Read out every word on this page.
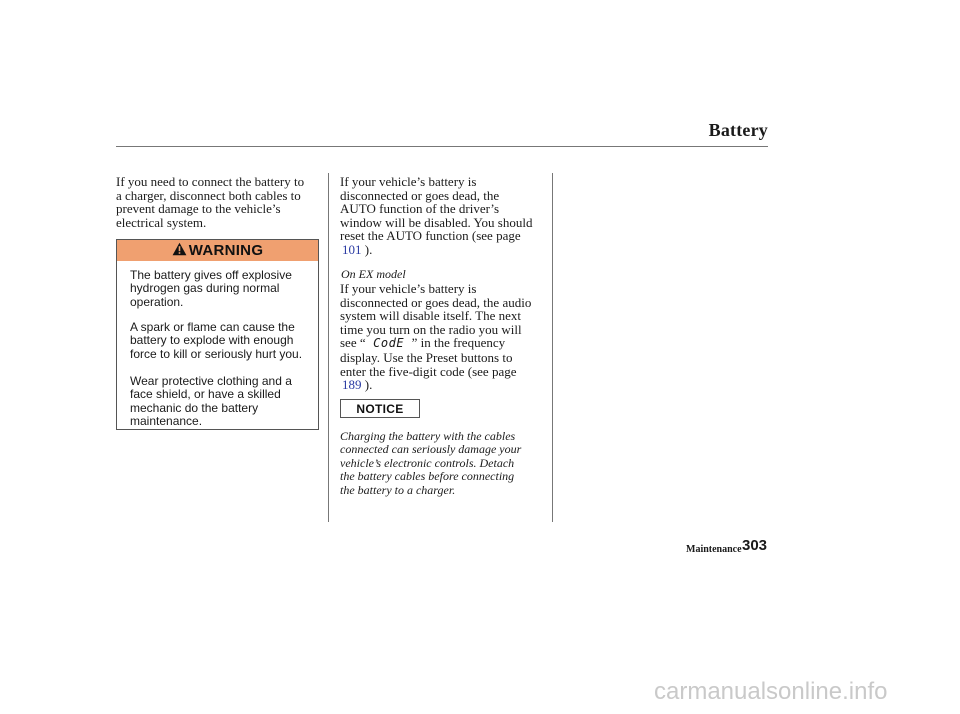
Battery
If you need to connect the battery to
a charger, disconnect both cables to
prevent damage to the vehicle’s
electrical system.
WARNING
The battery gives off explosive
hydrogen gas during normal
operation.
A spark or flame can cause the
battery to explode with enough
force to kill or seriously hurt you.
Wear protective clothing and a
face shield, or have a skilled
mechanic do the battery
maintenance.
If your vehicle’s battery is
disconnected or goes dead, the
AUTO function of the driver’s
window will be disabled. You should
reset the AUTO function (see page
101 ).
On EX model
If your vehicle’s battery is
disconnected or goes dead, the audio
system will disable itself. The next
time you turn on the radio you will
see “ CodE ” in the frequency
display. Use the Preset buttons to
enter the five-digit code (see page
189 ).
NOTICE
Charging the battery with the cables
connected can seriously damage your
vehicle’s electronic controls. Detach
the battery cables before connecting
the battery to a charger.
Maintenance 303
carmanualsonline.info
